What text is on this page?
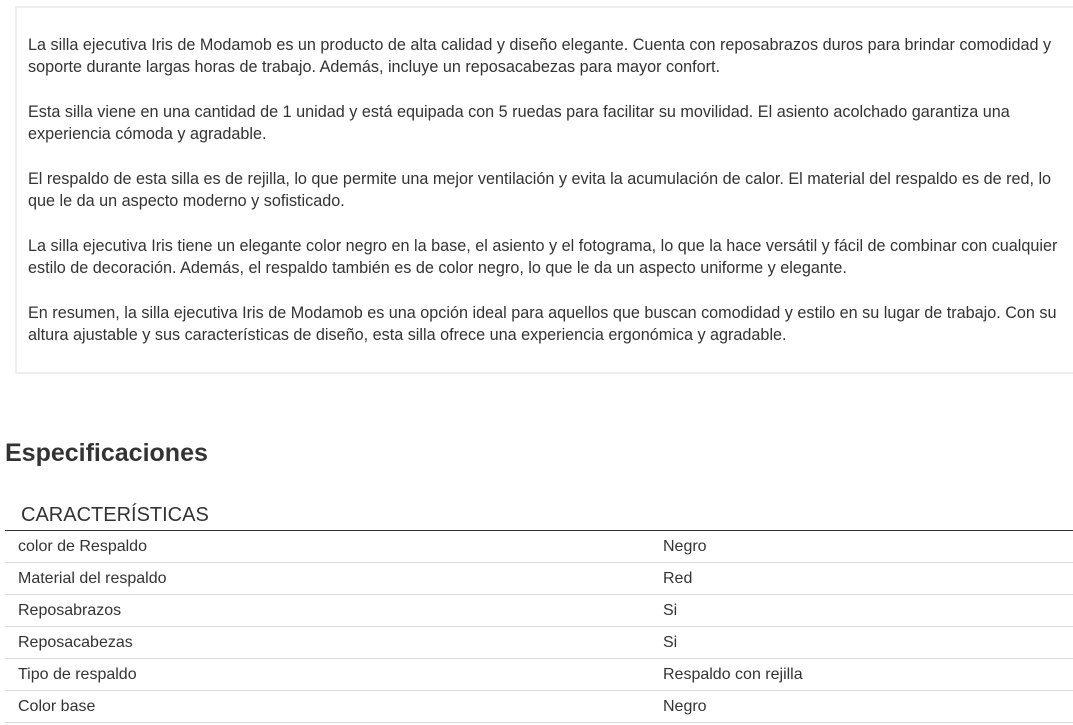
La silla ejecutiva Iris de Modamob es un producto de alta calidad y diseño elegante. Cuenta con reposabrazos duros para brindar comodidad y soporte durante largas horas de trabajo. Además, incluye un reposacabezas para mayor confort.

Esta silla viene en una cantidad de 1 unidad y está equipada con 5 ruedas para facilitar su movilidad. El asiento acolchado garantiza una experiencia cómoda y agradable.

El respaldo de esta silla es de rejilla, lo que permite una mejor ventilación y evita la acumulación de calor. El material del respaldo es de red, lo que le da un aspecto moderno y sofisticado.

La silla ejecutiva Iris tiene un elegante color negro en la base, el asiento y el fotograma, lo que la hace versátil y fácil de combinar con cualquier estilo de decoración. Además, el respaldo también es de color negro, lo que le da un aspecto uniforme y elegante.

En resumen, la silla ejecutiva Iris de Modamob es una opción ideal para aquellos que buscan comodidad y estilo en su lugar de trabajo. Con su altura ajustable y sus características de diseño, esta silla ofrece una experiencia ergonómica y agradable.

Especificaciones
CARACTERÍSTICAS
color de Respaldo	Negro
Material del respaldo	Red
Reposabrazos	Si
Reposacabezas	Si
Tipo de respaldo	Respaldo con rejilla
Color base	Negro
